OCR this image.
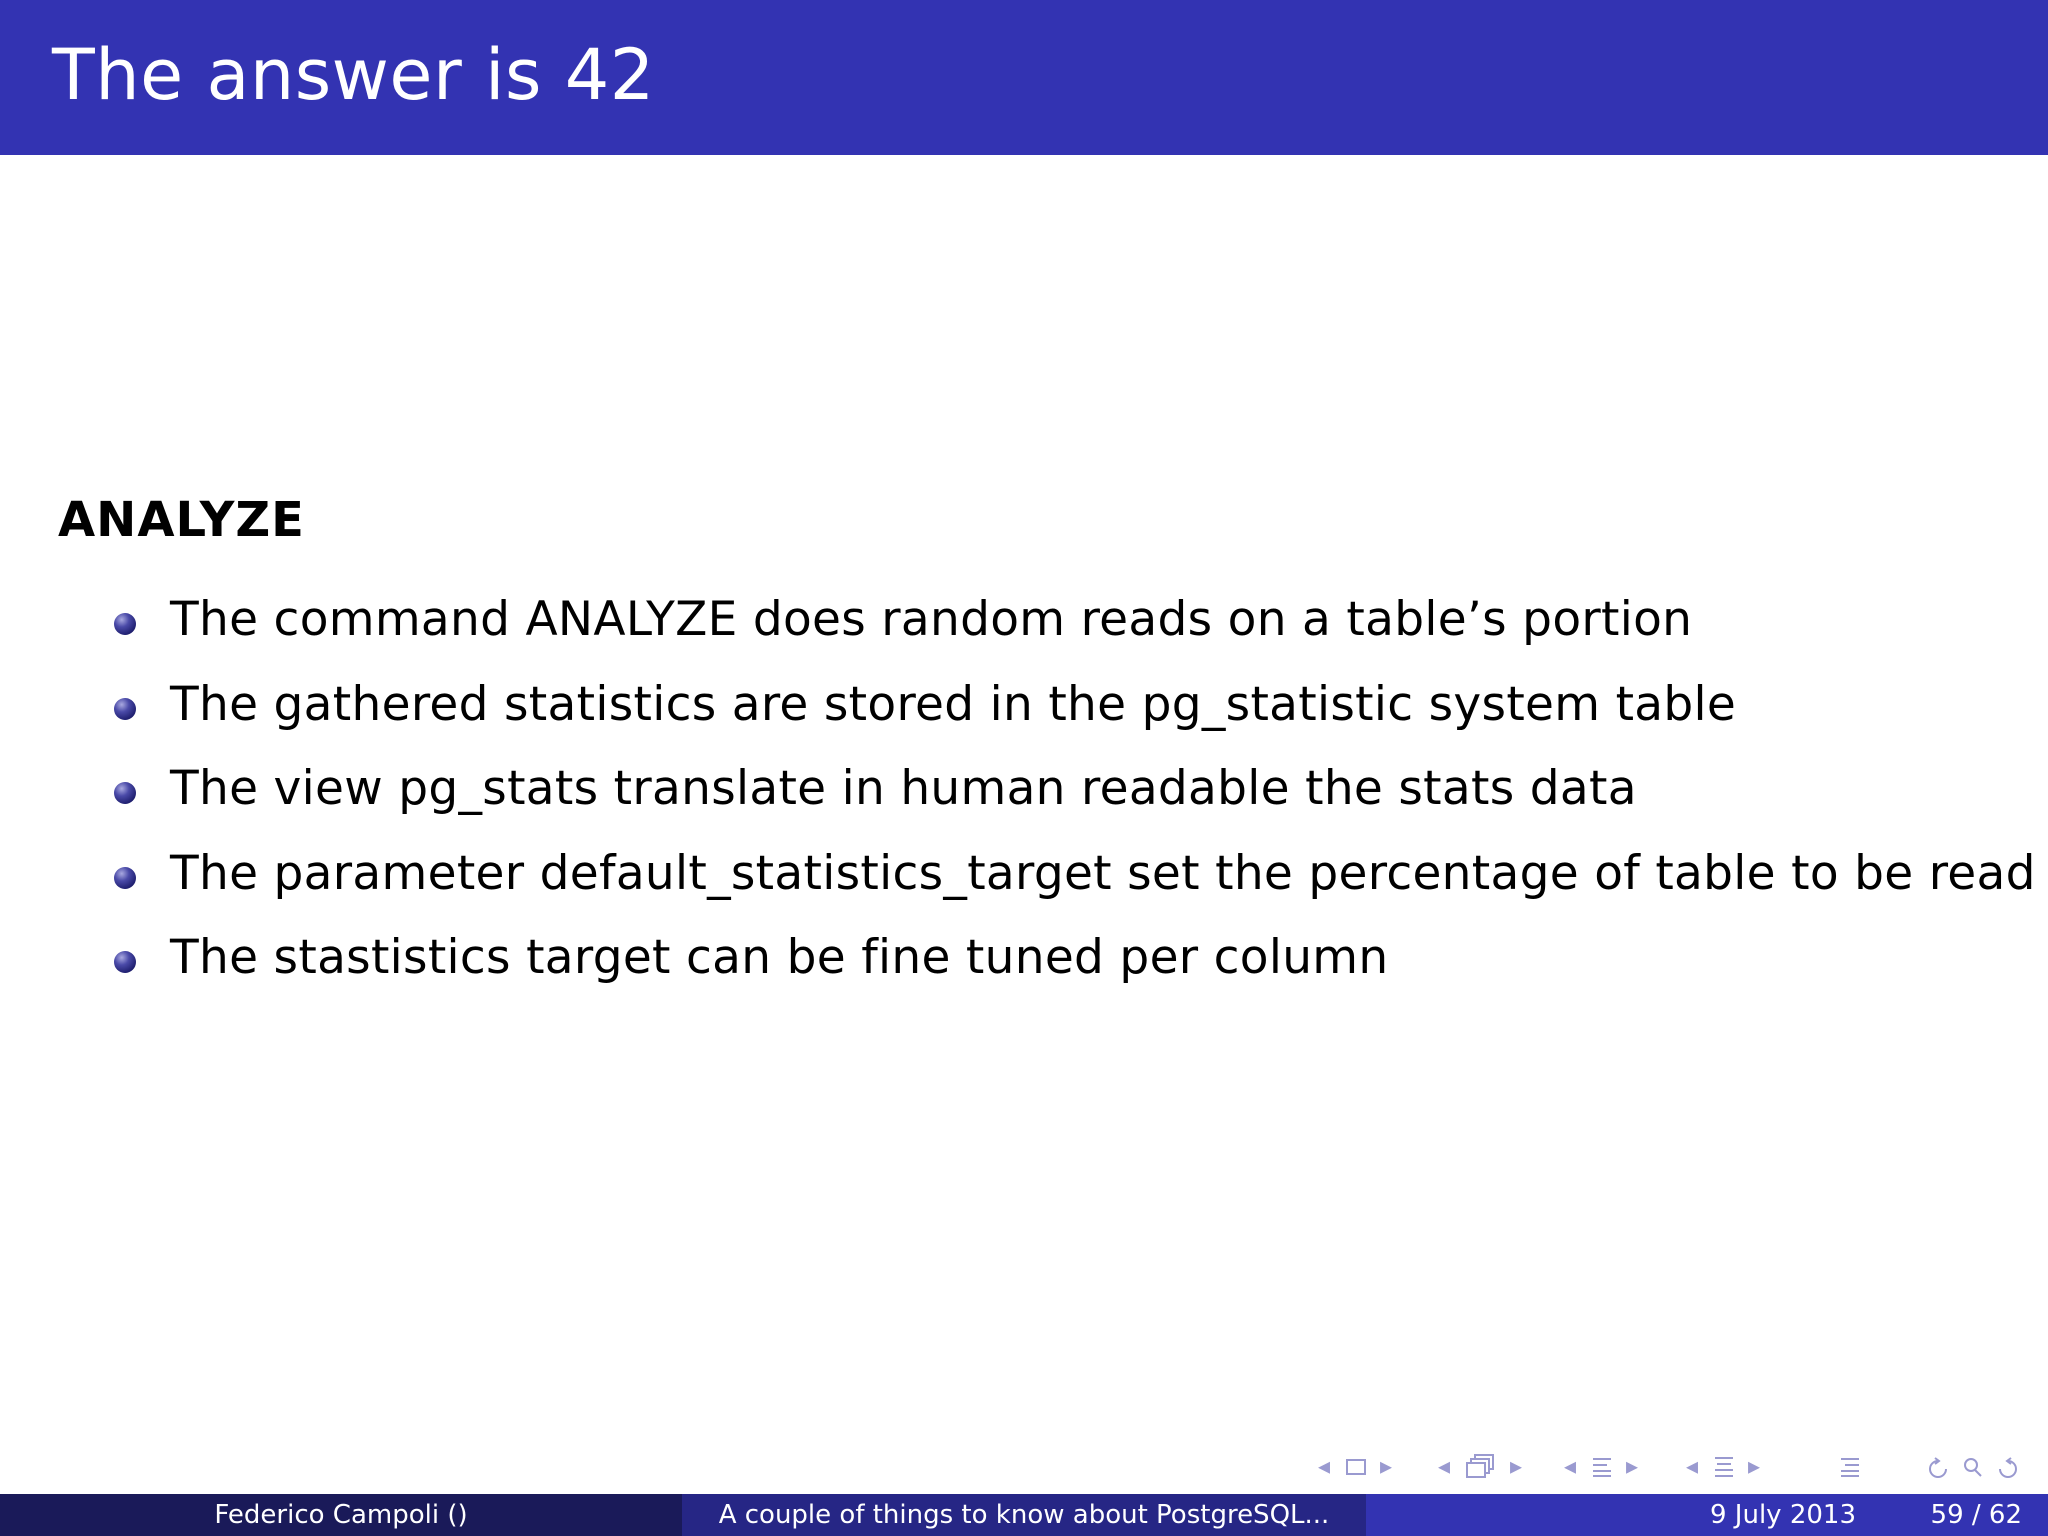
The answer is 42
ANALYZE
The command ANALYZE does random reads on a table’s portion
The gathered statistics are stored in the pg_statistic system table
The view pg_stats translate in human readable the stats data
The parameter default_statistics_target set the percentage of table to be read
The stastistics target can be fine tuned per column
◂ ▸ ◂ ▸ ◂ ▸ ◂ ▸
Federico Campoli ()	A couple of things to know about PostgreSQL...	9 July 2013	59 / 62
